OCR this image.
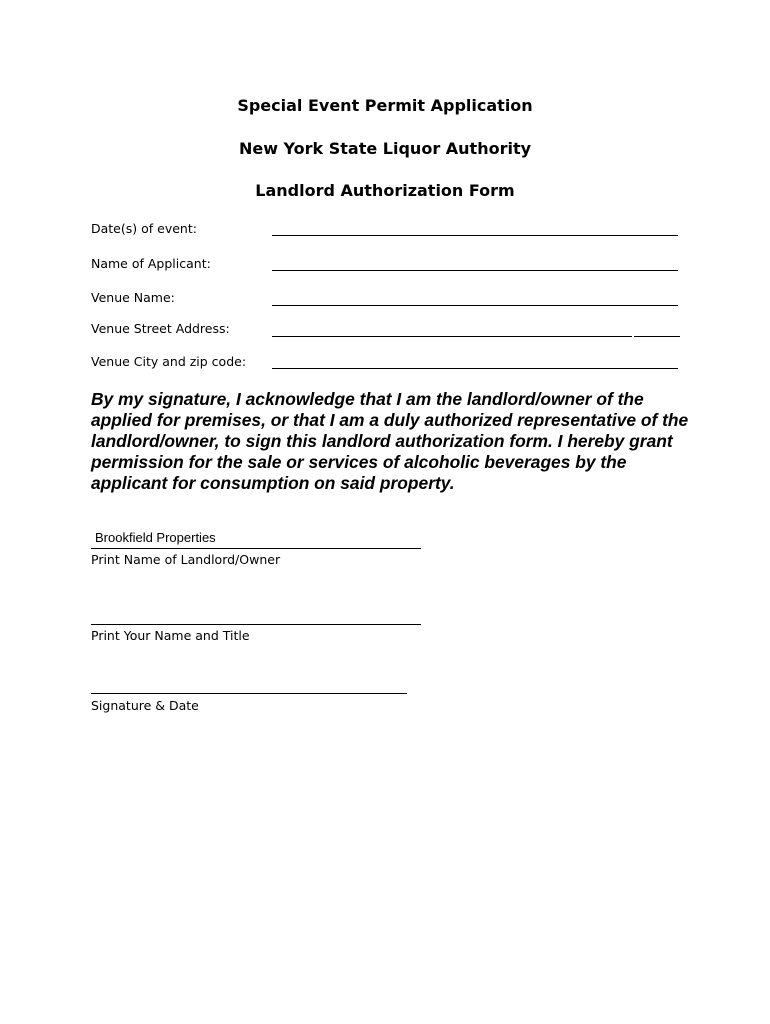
Special Event Permit Application
New York State Liquor Authority
Landlord Authorization Form
Date(s) of event:
Name of Applicant:
Venue Name:
Venue Street Address:
Venue City and zip code:
By my signature, I acknowledge that I am the landlord/owner of the applied for premises, or that I am a duly authorized representative of the landlord/owner, to sign this landlord authorization form. I hereby grant permission for the sale or services of alcoholic beverages by the applicant for consumption on said property.
Brookfield Properties
Print Name of Landlord/Owner
Print Your Name and Title
Signature & Date
